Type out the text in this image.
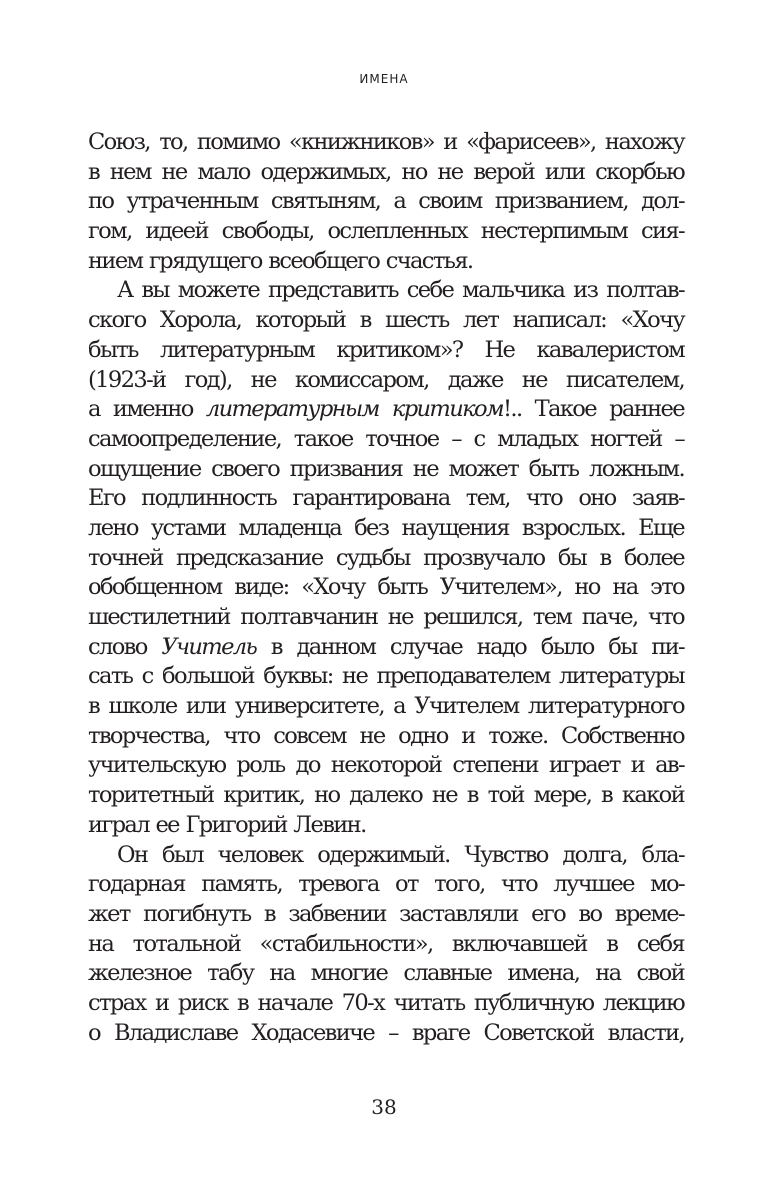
ИМЕНА
Союз, то, помимо «книжников» и «фарисеев», нахожу
в нем не мало одержимых, но не верой или скорбью
по утраченным святыням, а своим призванием, дол-
гом, идеей свободы, ослепленных нестерпимым сия-
нием грядущего всеобщего счастья.
А вы можете представить себе мальчика из полтав-
ского Хорола, который в шесть лет написал: «Хочу
быть литературным критиком»? Не кавалеристом
(1923-й год), не комиссаром, даже не писателем,
а именно литературным критиком!.. Такое раннее
самоопределение, такое точное – с младых ногтей –
ощущение своего призвания не может быть ложным.
Его подлинность гарантирована тем, что оно заяв-
лено устами младенца без наущения взрослых. Еще
точней предсказание судьбы прозвучало бы в более
обобщенном виде: «Хочу быть Учителем», но на это
шестилетний полтавчанин не решился, тем паче, что
слово Учитель в данном случае надо было бы пи-
сать с большой буквы: не преподавателем литературы
в школе или университете, а Учителем литературного
творчества, что совсем не одно и тоже. Собственно
учительскую роль до некоторой степени играет и ав-
торитетный критик, но далеко не в той мере, в какой
играл ее Григорий Левин.
Он был человек одержимый. Чувство долга, бла-
годарная память, тревога от того, что лучшее мо-
жет погибнуть в забвении заставляли его во време-
на тотальной «стабильности», включавшей в себя
железное табу на многие славные имена, на свой
страх и риск в начале 70-х читать публичную лекцию
о Владиславе Ходасевиче – враге Советской власти,
38
